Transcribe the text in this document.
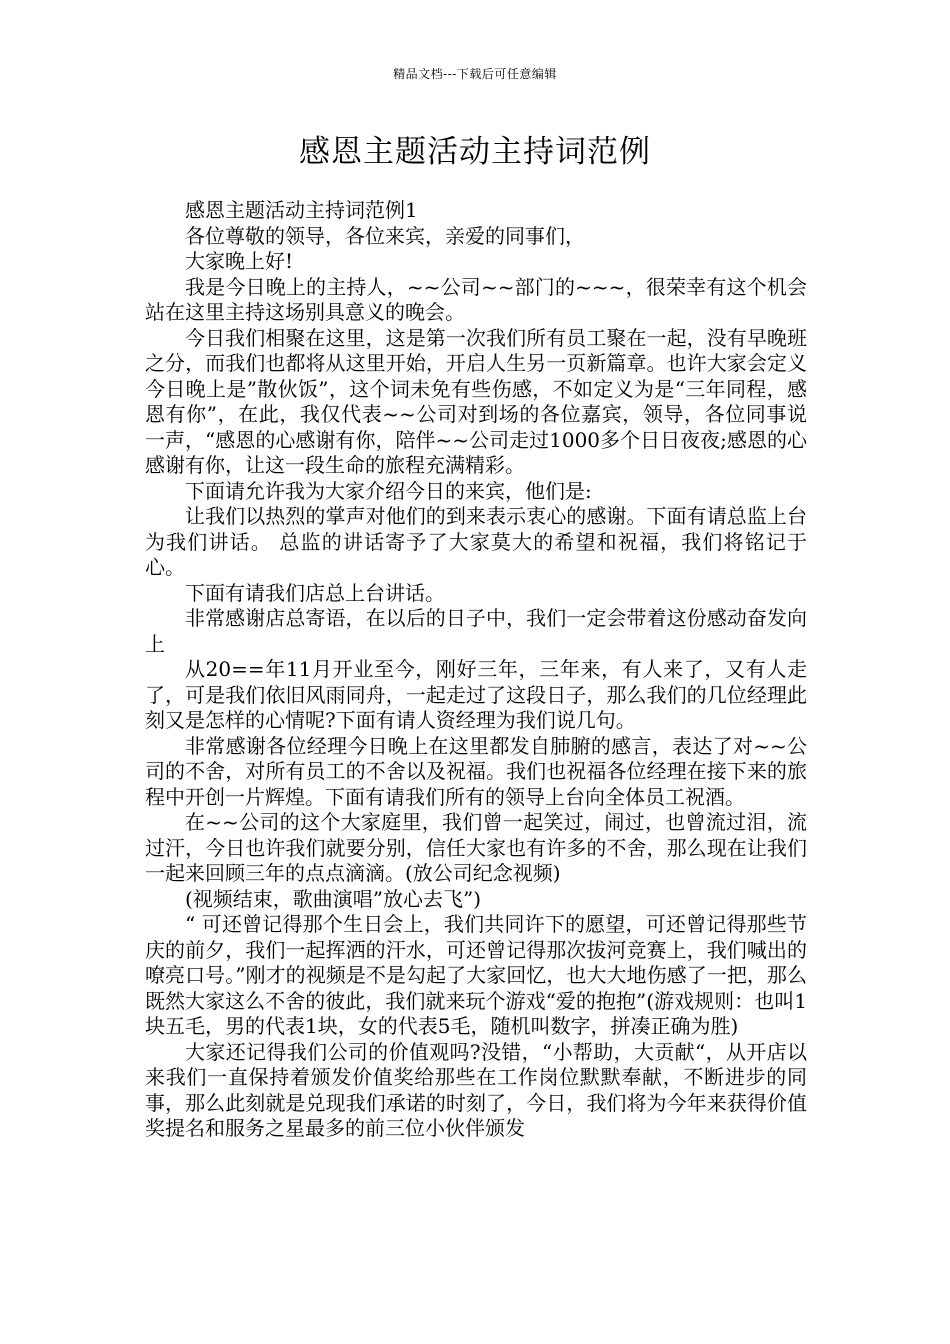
精品文档---下载后可任意编辑
感恩主题活动主持词范例

感恩主题活动主持词范例1

各位尊敬的领导，各位来宾，亲爱的同事们，

大家晚上好!

我是今日晚上的主持人，~~公司~~部门的~~~，很荣幸有这个机会站在这里主持这场别具意义的晚会。

今日我们相聚在这里，这是第一次我们所有员工聚在一起，没有早晚班之分，而我们也都将从这里开始，开启人生另一页新篇章。也许大家会定义今日晚上是”散伙饭”，这个词未免有些伤感，不如定义为是“三年同程，感恩有你”，在此，我仅代表~~公司对到场的各位嘉宾，领导，各位同事说一声，“感恩的心感谢有你，陪伴~~公司走过1000多个日日夜夜;感恩的心感谢有你，让这一段生命的旅程充满精彩。

下面请允许我为大家介绍今日的来宾，他们是:

让我们以热烈的掌声对他们的到来表示衷心的感谢。下面有请总监上台为我们讲话。 总监的讲话寄予了大家莫大的希望和祝福，我们将铭记于心。

下面有请我们店总上台讲话。

非常感谢店总寄语，在以后的日子中，我们一定会带着这份感动奋发向上

从20==年11月开业至今，刚好三年，三年来，有人来了，又有人走了，可是我们依旧风雨同舟，一起走过了这段日子，那么我们的几位经理此刻又是怎样的心情呢?下面有请人资经理为我们说几句。

非常感谢各位经理今日晚上在这里都发自肺腑的感言，表达了对~~公司的不舍，对所有员工的不舍以及祝福。我们也祝福各位经理在接下来的旅程中开创一片辉煌。下面有请我们所有的领导上台向全体员工祝酒。

在~~公司的这个大家庭里，我们曾一起笑过，闹过，也曾流过泪，流过汗，今日也许我们就要分别，信任大家也有许多的不舍，那么现在让我们一起来回顾三年的点点滴滴。(放公司纪念视频)

(视频结束，歌曲演唱”放心去飞”)

“ 可还曾记得那个生日会上，我们共同许下的愿望，可还曾记得那些节庆的前夕，我们一起挥洒的汗水，可还曾记得那次拔河竞赛上，我们喊出的嘹亮口号。”刚才的视频是不是勾起了大家回忆，也大大地伤感了一把，那么既然大家这么不舍的彼此，我们就来玩个游戏“爱的抱抱”(游戏规则：也叫1块五毛，男的代表1块，女的代表5毛，随机叫数字，拼凑正确为胜)

大家还记得我们公司的价值观吗?没错，“小帮助，大贡献“，从开店以来我们一直保持着颁发价值奖给那些在工作岗位默默奉献，不断进步的同事，那么此刻就是兑现我们承诺的时刻了，今日，我们将为今年来获得价值奖提名和服务之星最多的前三位小伙伴颁发
